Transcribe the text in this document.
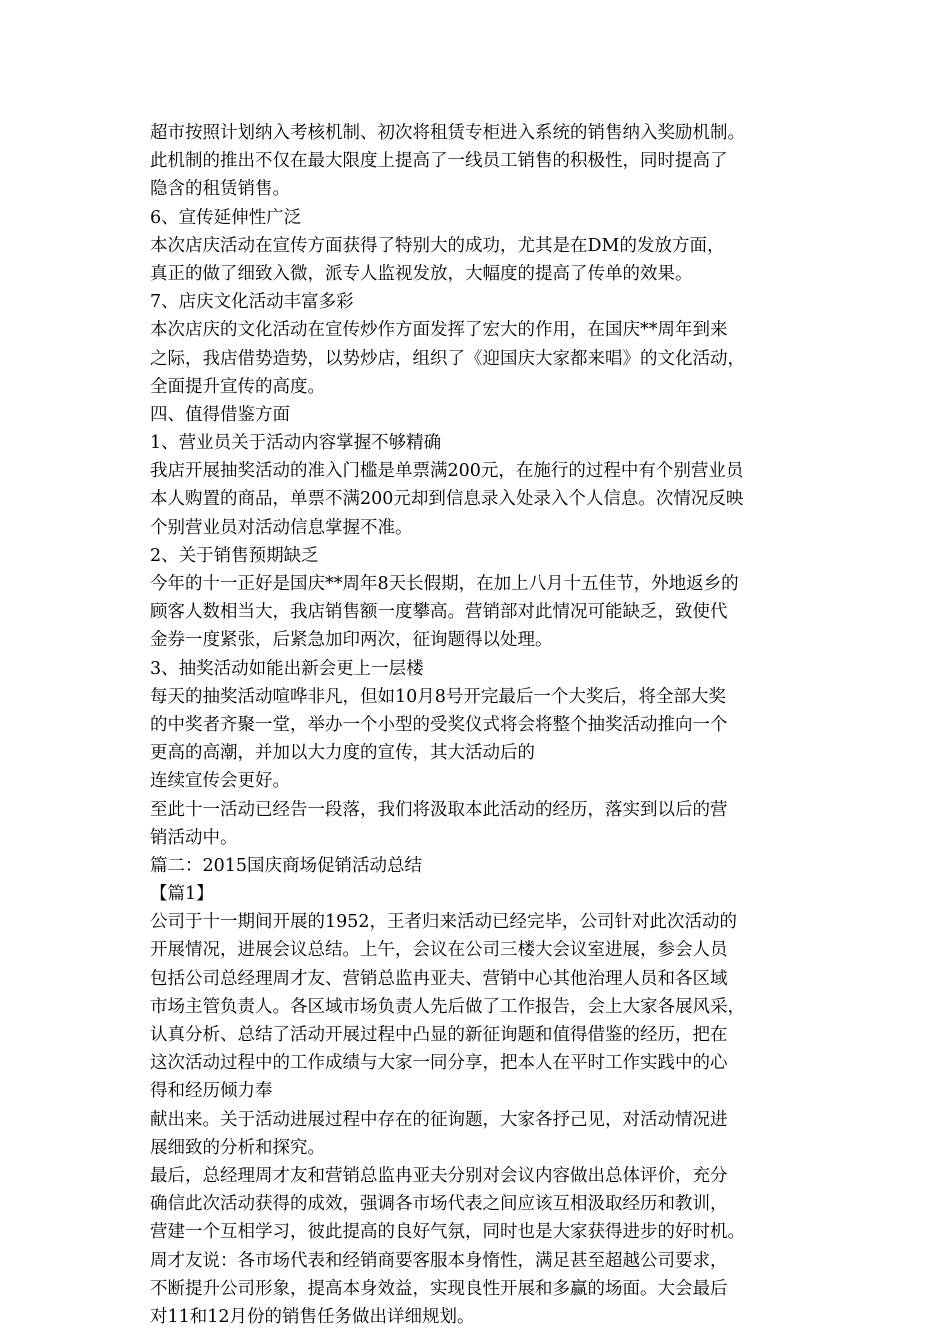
超市按照计划纳入考核机制、初次将租赁专柜进入系统的销售纳入奖励机制。
此机制的推出不仅在最大限度上提高了一线员工销售的积极性，同时提高了
隐含的租赁销售。
6、宣传延伸性广泛
本次店庆活动在宣传方面获得了特别大的成功，尤其是在DM的发放方面，
真正的做了细致入微，派专人监视发放，大幅度的提高了传单的效果。
7、店庆文化活动丰富多彩
本次店庆的文化活动在宣传炒作方面发挥了宏大的作用，在国庆**周年到来
之际，我店借势造势，以势炒店，组织了《迎国庆大家都来唱》的文化活动，
全面提升宣传的高度。
四、值得借鉴方面
1、营业员关于活动内容掌握不够精确
我店开展抽奖活动的准入门槛是单票满200元，在施行的过程中有个别营业员
本人购置的商品，单票不满200元却到信息录入处录入个人信息。次情况反映
个别营业员对活动信息掌握不准。
2、关于销售预期缺乏
今年的十一正好是国庆**周年8天长假期，在加上八月十五佳节，外地返乡的
顾客人数相当大，我店销售额一度攀高。营销部对此情况可能缺乏，致使代
金券一度紧张，后紧急加印两次，征询题得以处理。
3、抽奖活动如能出新会更上一层楼
每天的抽奖活动喧哗非凡，但如10月8号开完最后一个大奖后，将全部大奖
的中奖者齐聚一堂，举办一个小型的受奖仪式将会将整个抽奖活动推向一个
更高的高潮，并加以大力度的宣传，其大活动后的
连续宣传会更好。
至此十一活动已经告一段落，我们将汲取本此活动的经历，落实到以后的营
销活动中。
篇二：2015国庆商场促销活动总结
【篇1】
公司于十一期间开展的1952，王者归来活动已经完毕，公司针对此次活动的
开展情况，进展会议总结。上午，会议在公司三楼大会议室进展，参会人员
包括公司总经理周才友、营销总监冉亚夫、营销中心其他治理人员和各区域
市场主管负责人。各区域市场负责人先后做了工作报告，会上大家各展风采，
认真分析、总结了活动开展过程中凸显的新征询题和值得借鉴的经历，把在
这次活动过程中的工作成绩与大家一同分享，把本人在平时工作实践中的心
得和经历倾力奉
献出来。关于活动进展过程中存在的征询题，大家各抒己见，对活动情况进
展细致的分析和探究。
最后，总经理周才友和营销总监冉亚夫分别对会议内容做出总体评价，充分
确信此次活动获得的成效，强调各市场代表之间应该互相汲取经历和教训，
营建一个互相学习，彼此提高的良好气氛，同时也是大家获得进步的好时机。
周才友说：各市场代表和经销商要客服本身惰性，满足甚至超越公司要求，
不断提升公司形象，提高本身效益，实现良性开展和多赢的场面。大会最后
对11和12月份的销售任务做出详细规划。
